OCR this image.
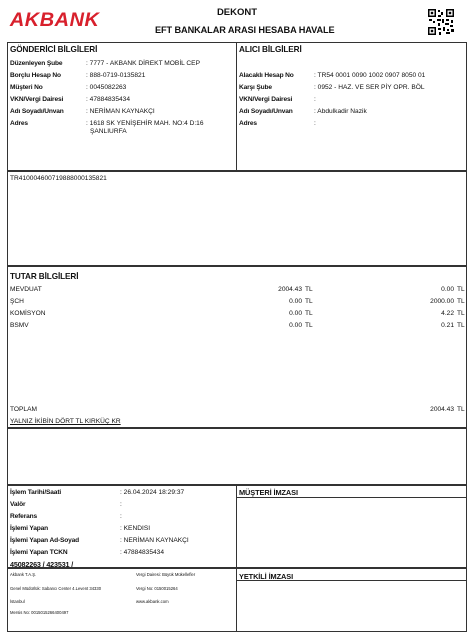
AKBANK	DEKONT
EFT BANKALAR ARASI HESABA HAVALE
GÖNDERİCİ BİLGİLERİ
Düzenleyen Şube	: 7777 - AKBANK DİREKT MOBİL CEP
Borçlu Hesap No	: 888-0719-0135821
Müşteri No	: 0045082263
VKN/Vergi Dairesi	: 47884835434
Adı Soyadı/Unvan	: NERİMAN KAYNAKÇI
Adres	: 1618 SK YENİŞEHİR MAH. NO:4 D:16
ŞANLIURFA
ALICI BİLGİLERİ
Alacaklı Hesap No	: TR54 0001 0090 1002 0907 8050 01
Karşı Şube	: 0952 - HAZ. VE SER PİY OPR. BÖL
VKN/Vergi Dairesi	:
Adı Soyadı/Unvan	: Abdulkadir Nazik
Adres	:
TR410004600719888000135821
TUTAR BİLGİLERİ
MEVDUAT	2004.43 TL	0.00 TL
ŞCH	0.00 TL	2000.00 TL
KOMİSYON	0.00 TL	4.22 TL
BSMV	0.00 TL	0.21 TL
TOPLAM	2004.43 TL
YALNIZ İKİBİN DÖRT TL KIRKÜÇ KR
İşlem Tarihi/Saati	: 26.04.2024 18:29:37
Valör	:
Referans	:
İşlemi Yapan	: KENDISI
İşlemi Yapan Ad-Soyad	: NERİMAN KAYNAKÇI
İşlemi Yapan TCKN	: 47884835434
45082263 / 423531 /
MÜŞTERİ İMZASI
YETKİLİ İMZASI
Akbank T.A.Ş.
Genel Müdürlük: Sabancı Center 4.Levent 34330
İstanbul
Mersis No: 0015015266400497
Vergi Dairesi: Büyük Mükellefler
Vergi No: 0150015264
www.akbank.com
